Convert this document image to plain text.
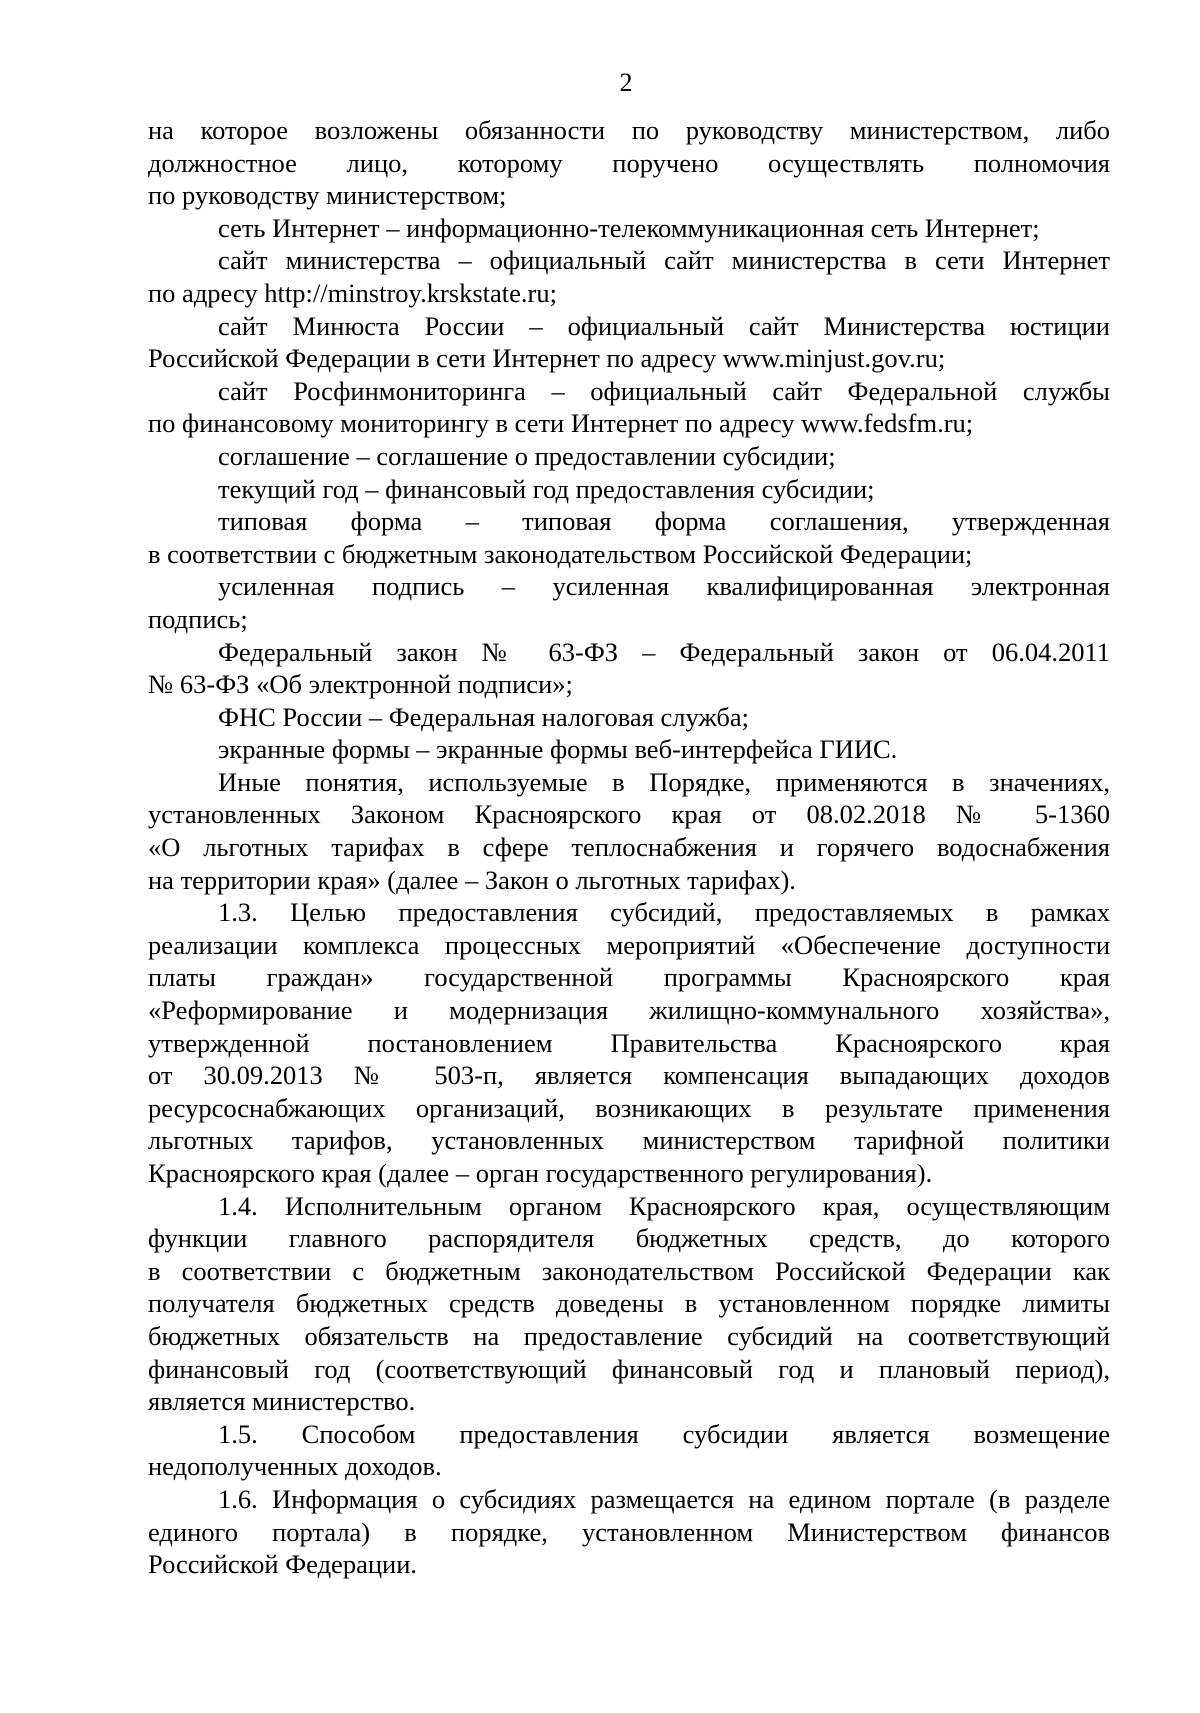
2
на которое возложены обязанности по руководству министерством, либо
должностное лицо, которому поручено осуществлять полномочия
по руководству министерством;
сеть Интернет – информационно-телекоммуникационная сеть Интернет;
сайт министерства – официальный сайт министерства в сети Интернет
по адресу http://minstroy.krskstate.ru;
сайт Минюста России – официальный сайт Министерства юстиции
Российской Федерации в сети Интернет по адресу www.minjust.gov.ru;
сайт Росфинмониторинга – официальный сайт Федеральной службы
по финансовому мониторингу в сети Интернет по адресу www.fedsfm.ru;
соглашение – соглашение о предоставлении субсидии;
текущий год – финансовый год предоставления субсидии;
типовая форма – типовая форма соглашения, утвержденная
в соответствии с бюджетным законодательством Российской Федерации;
усиленная подпись – усиленная квалифицированная электронная
подпись;
Федеральный закон № 63-ФЗ – Федеральный закон от 06.04.2011
№ 63-ФЗ «Об электронной подписи»;
ФНС России – Федеральная налоговая служба;
экранные формы – экранные формы веб-интерфейса ГИИС.
Иные понятия, используемые в Порядке, применяются в значениях,
установленных Законом Красноярского края от 08.02.2018 № 5-1360
«О льготных тарифах в сфере теплоснабжения и горячего водоснабжения
на территории края» (далее – Закон о льготных тарифах).
1.3. Целью предоставления субсидий, предоставляемых в рамках
реализации комплекса процессных мероприятий «Обеспечение доступности
платы граждан» государственной программы Красноярского края
«Реформирование и модернизация жилищно-коммунального хозяйства»,
утвержденной постановлением Правительства Красноярского края
от 30.09.2013 № 503-п, является компенсация выпадающих доходов
ресурсоснабжающих организаций, возникающих в результате применения
льготных тарифов, установленных министерством тарифной политики
Красноярского края (далее – орган государственного регулирования).
1.4. Исполнительным органом Красноярского края, осуществляющим
функции главного распорядителя бюджетных средств, до которого
в соответствии с бюджетным законодательством Российской Федерации как
получателя бюджетных средств доведены в установленном порядке лимиты
бюджетных обязательств на предоставление субсидий на соответствующий
финансовый год (соответствующий финансовый год и плановый период),
является министерство.
1.5. Способом предоставления субсидии является возмещение
недополученных доходов.
1.6. Информация о субсидиях размещается на едином портале (в разделе
единого портала) в порядке, установленном Министерством финансов
Российской Федерации.
